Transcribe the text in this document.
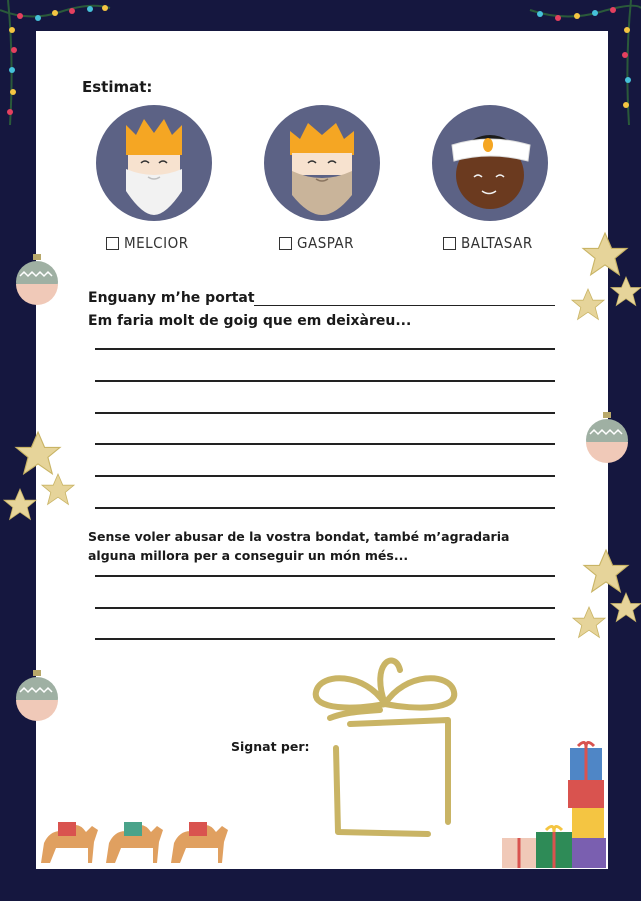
Estimat:
MELCIOR	GASPAR	BALTASAR
Enguany m’he portat
Em faria molt de goig que em deixàreu...
Sense voler abusar de la vostra bondat, també m’agradaria alguna millora per a conseguir un món més...
Signat per:
